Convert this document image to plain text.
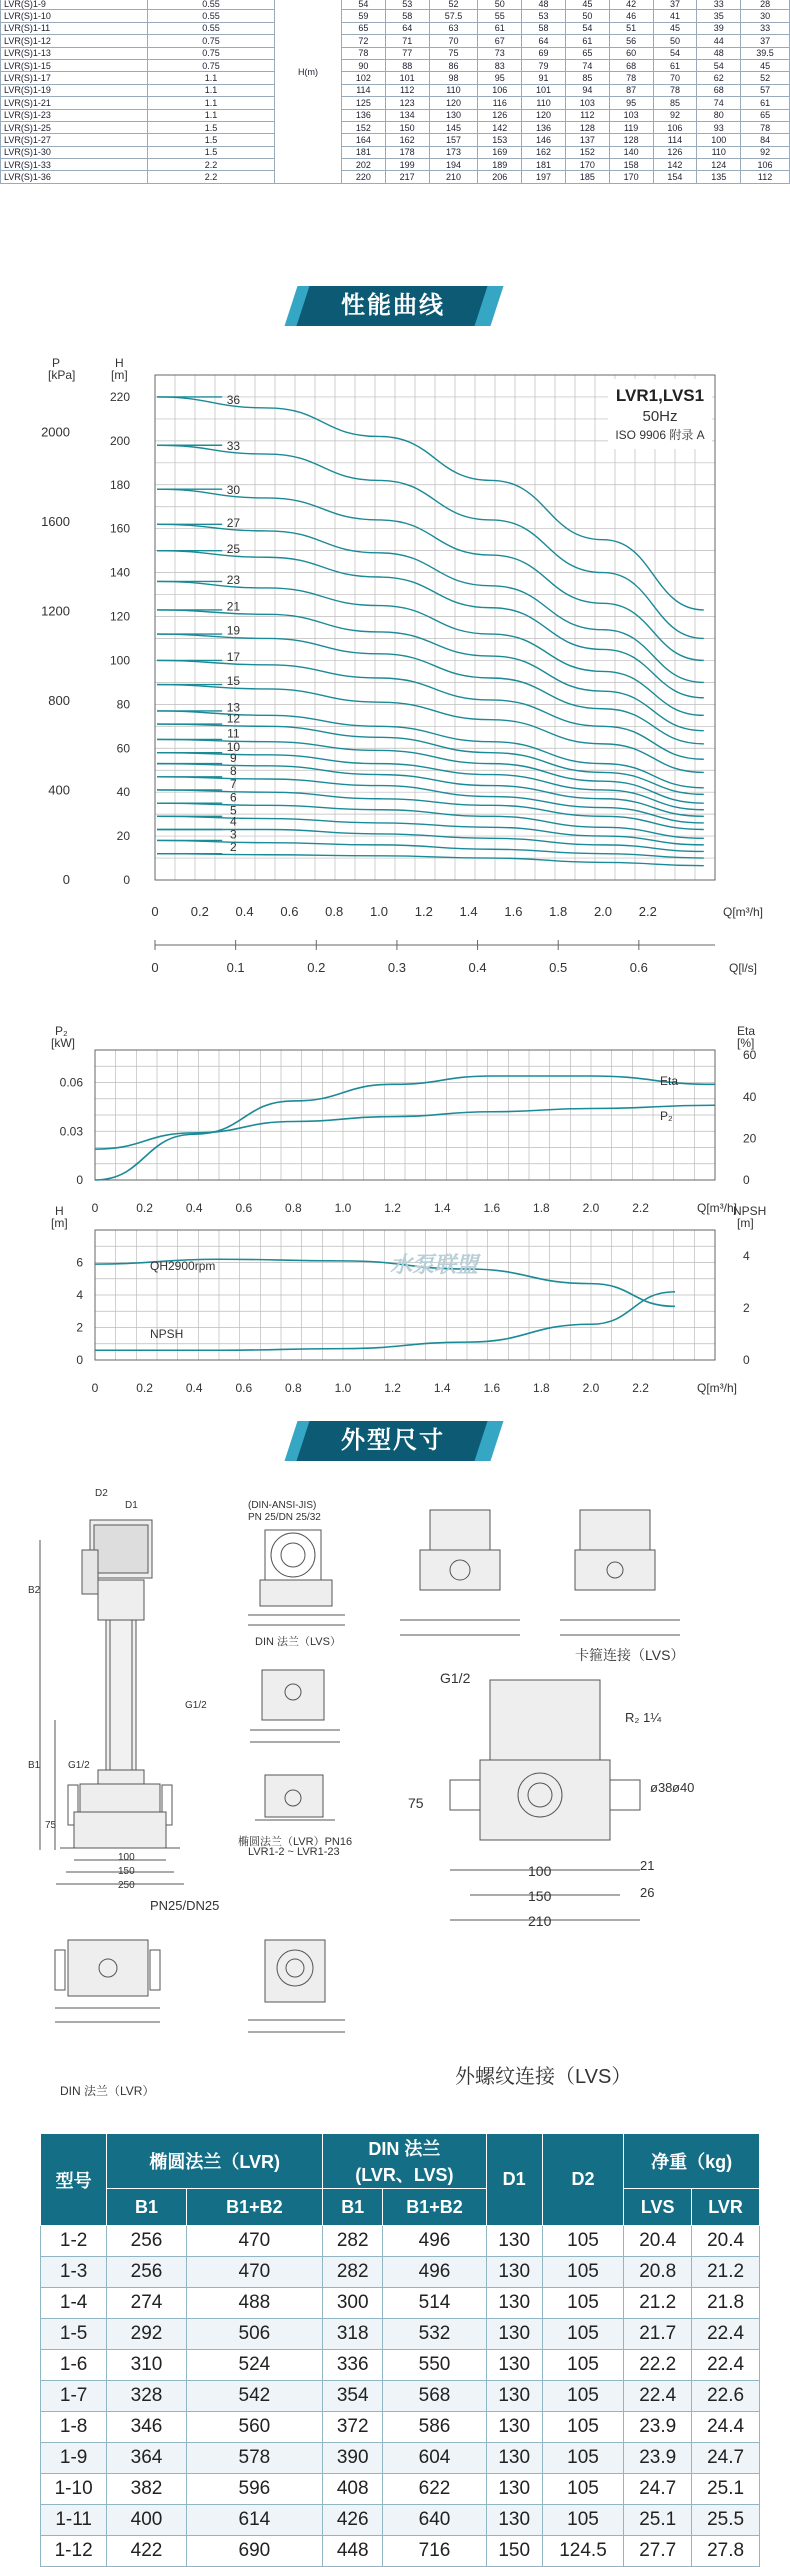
		H(m)										

LVR(S)1-9	0.55		54	53	52	50	48	45	42	37	33	28
LVR(S)1-10	0.55		59	58	57.5	55	53	50	46	41	35	30
LVR(S)1-11	0.55		65	64	63	61	58	54	51	45	39	33
LVR(S)1-12	0.75		72	71	70	67	64	61	56	50	44	37
LVR(S)1-13	0.75		78	77	75	73	69	65	60	54	48	39.5
LVR(S)1-15	0.75		90	88	86	83	79	74	68	61	54	45
LVR(S)1-17	1.1		102	101	98	95	91	85	78	70	62	52
LVR(S)1-19	1.1		114	112	110	106	101	94	87	78	68	57
LVR(S)1-21	1.1		125	123	120	116	110	103	95	85	74	61
LVR(S)1-23	1.1		136	134	130	126	120	112	103	92	80	65
LVR(S)1-25	1.5		152	150	145	142	136	128	119	106	93	78
LVR(S)1-27	1.5		164	162	157	153	146	137	128	114	100	84
LVR(S)1-30	1.5		181	178	173	169	162	152	140	126	110	92
LVR(S)1-33	2.2		202	199	194	189	181	170	158	142	124	106
LVR(S)1-36	2.2		220	217	210	206	197	185	170	154	135	112
性能曲线
36
33
30
27
25
23
21
19
17
15
13
12
11
10
9
8
7
6
5
4
3
2
LVR1,LVS1
50Hz
ISO 9906 附录 A
P
[kPa]
H
[m]
0
20
40
60
80
100
120
140
160
180
200
220
0
400
800
1200
1600
2000
0 0.2 0.4 0.6 0.8 1.0 1.2 1.4 1.6 1.8 2.0 2.2	Q[m³/h]
0	0.1	0.2	0.3	0.4	0.5	0.6	Q[l/s]
Eta
P₂
P₂
[kW]
Eta
[%]
0
0.03
0.06
0
20
40
60
0	0.2	0.4	0.6	0.8	1.0	1.2	1.4	1.6	1.8	2.0	2.2	Q[m³/h]
QH2900rpm
NPSH
水泵联盟
H
[m]
NPSH
[m]
0
2
4
6
0
2
4
0	0.2	0.4	0.6	0.8	1.0	1.2	1.4	1.6	1.8	2.0	2.2	Q[m³/h]
外型尺寸
D2
D1
B2
B1
G1/2
G1/2
75
100
150
250
PN25/DN25
DIN 法兰（LVR）
(DIN-ANSI-JIS)
PN 25/DN 25/32
DIN 法兰（LVS）
椭圆法兰（LVR）PN16
LVR1-2 ~ LVR1-23
卡箍连接（LVS）
外螺纹连接（LVS）
G1/2
R₂ 1¼
ø38 ø40
75
21
26
100
150
210
型号	椭圆法兰（LVR)		DIN 法兰
(LVR、LVS)		D1	D2	净重（kg)	
	B1	B1+B2	B1	B1+B2			LVS	LVR
1-2	256	470	282	496	130	105	20.4	20.4
1-3	256	470	282	496	130	105	20.8	21.2
1-4	274	488	300	514	130	105	21.2	21.8
1-5	292	506	318	532	130	105	21.7	22.4
1-6	310	524	336	550	130	105	22.2	22.4
1-7	328	542	354	568	130	105	22.4	22.6
1-8	346	560	372	586	130	105	23.9	24.4
1-9	364	578	390	604	130	105	23.9	24.7
1-10	382	596	408	622	130	105	24.7	25.1
1-11	400	614	426	640	130	105	25.1	25.5
1-12	422	690	448	716	150	124.5	27.7	27.8
